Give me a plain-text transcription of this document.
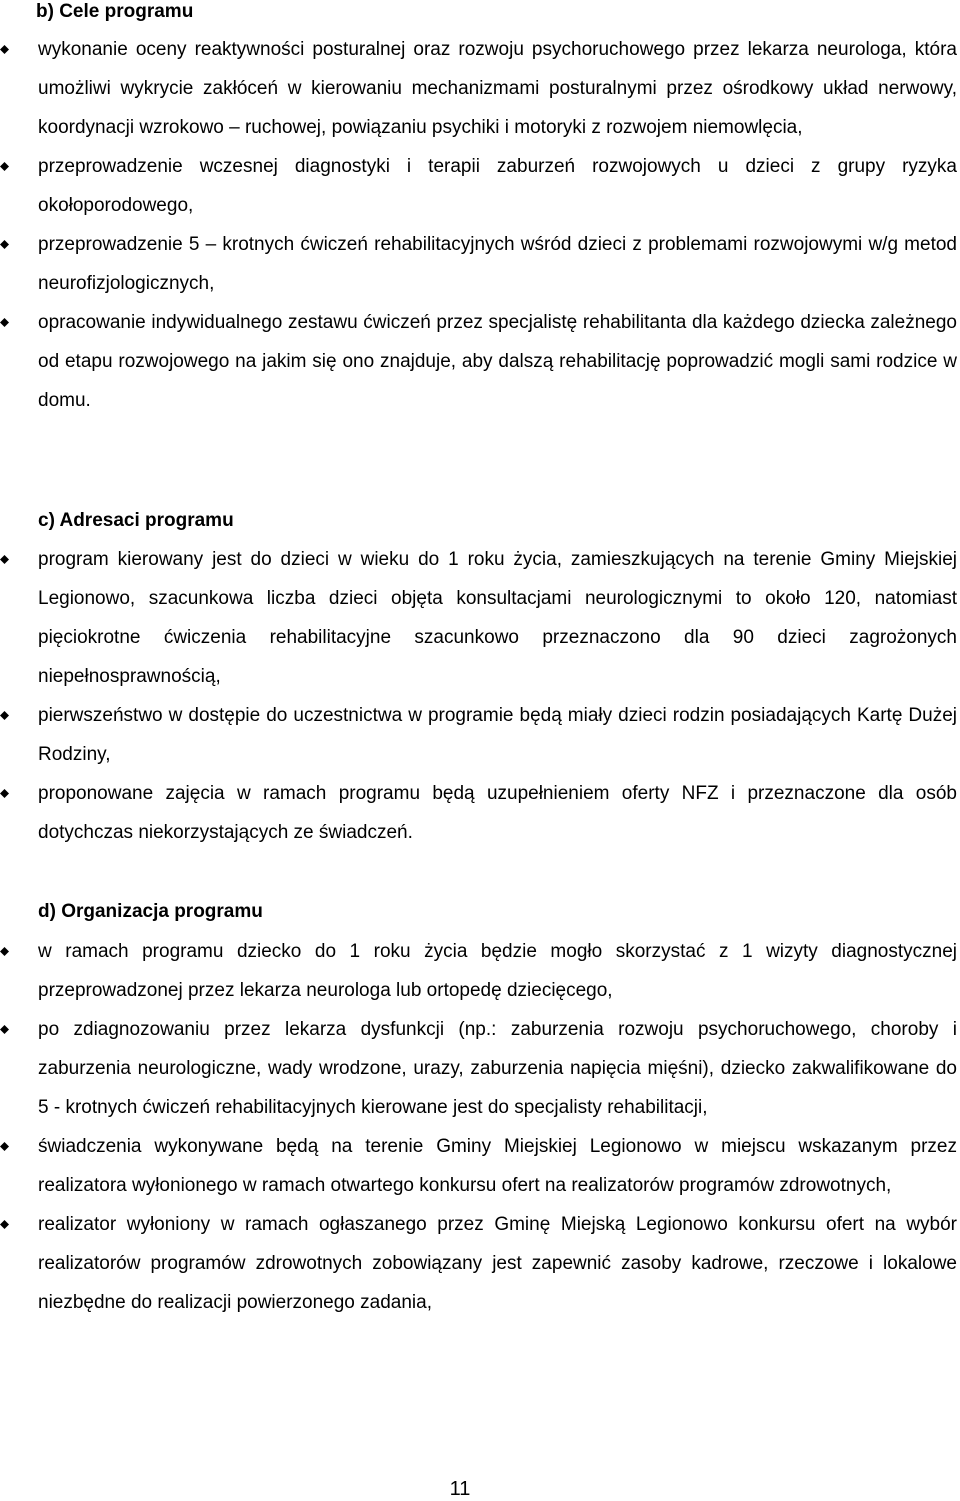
b) Cele programu
wykonanie oceny reaktywności posturalnej oraz rozwoju psychoruchowego przez lekarza neurologa, która umożliwi wykrycie zakłóceń w kierowaniu mechanizmami posturalnymi przez ośrodkowy układ nerwowy, koordynacji wzrokowo – ruchowej, powiązaniu psychiki i motoryki z rozwojem niemowlęcia,
przeprowadzenie wczesnej diagnostyki i terapii zaburzeń rozwojowych u dzieci z grupy ryzyka okołoporodowego,
przeprowadzenie 5 – krotnych ćwiczeń rehabilitacyjnych wśród dzieci z problemami rozwojowymi w/g metod neurofizjologicznych,
opracowanie indywidualnego zestawu ćwiczeń przez specjalistę rehabilitanta dla każdego dziecka zależnego od etapu rozwojowego na jakim się ono znajduje, aby dalszą rehabilitację poprowadzić mogli sami rodzice w domu.
c) Adresaci programu
program kierowany jest do dzieci w wieku do 1 roku życia, zamieszkujących na terenie Gminy Miejskiej Legionowo, szacunkowa liczba dzieci objęta konsultacjami neurologicznymi to około 120, natomiast pięciokrotne ćwiczenia rehabilitacyjne szacunkowo przeznaczono dla 90 dzieci zagrożonych niepełnosprawnością,
pierwszeństwo w dostępie do uczestnictwa w programie będą miały dzieci rodzin posiadających Kartę Dużej Rodziny,
proponowane zajęcia w ramach programu będą uzupełnieniem oferty NFZ i przeznaczone dla osób dotychczas niekorzystających ze świadczeń.
d) Organizacja programu
w ramach programu dziecko do 1 roku życia będzie mogło skorzystać z 1 wizyty diagnostycznej przeprowadzonej przez lekarza neurologa lub ortopedę dziecięcego,
po zdiagnozowaniu przez lekarza dysfunkcji (np.: zaburzenia rozwoju psychoruchowego, choroby i zaburzenia neurologiczne, wady wrodzone, urazy, zaburzenia napięcia mięśni), dziecko zakwalifikowane do 5 - krotnych ćwiczeń rehabilitacyjnych kierowane jest do specjalisty rehabilitacji,
świadczenia wykonywane będą na terenie Gminy Miejskiej Legionowo w miejscu wskazanym przez realizatora wyłonionego w ramach otwartego konkursu ofert na realizatorów programów zdrowotnych,
realizator wyłoniony w ramach ogłaszanego przez Gminę Miejską Legionowo konkursu ofert na wybór realizatorów programów zdrowotnych zobowiązany jest zapewnić zasoby kadrowe, rzeczowe i lokalowe niezbędne do realizacji powierzonego zadania,
11
